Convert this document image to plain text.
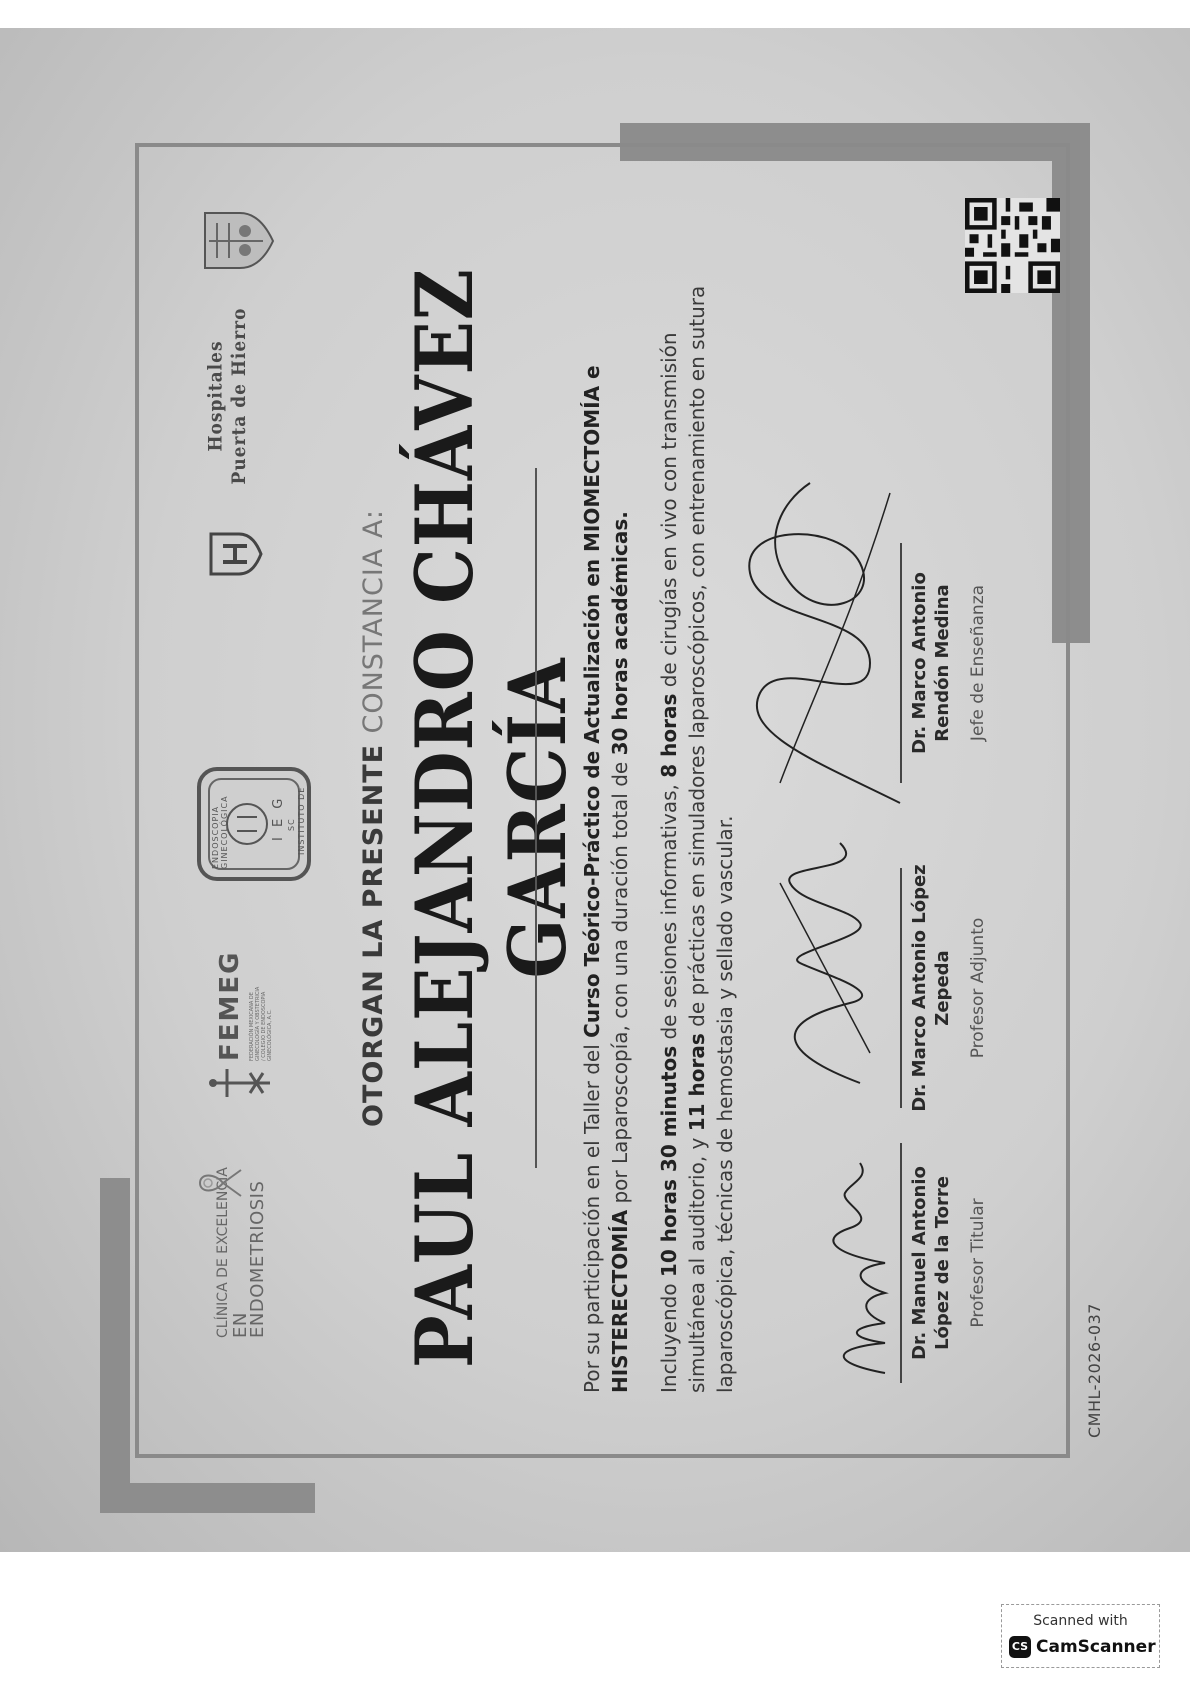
CLÍNICA DE EXCELENCIA EN ENDOMETRIOSIS
FEMEG FEDERACIÓN MEXICANA DE GINECOLOGÍA Y OBSTETRICIA / COLEGIO DE ENDOSCOPIA GINECOLÓGICA, A.C.
ENDOSCOPIA GINECOLÓGICA	I E G SC INSTITUTO DE
Hospitales Puerta de Hierro
OTORGAN LA PRESENTE CONSTANCIA A: PAUL ALEJANDRO CHÁVEZ GARCÍA
Por su participación en el Taller del Curso Teórico-Práctico de Actualización en MIOMECTOMÍA e HISTERECTOMÍA por Laparoscopía, con una duración total de 30 horas académicas.
Incluyendo 10 horas 30 minutos de sesiones informativas, 8 horas de cirugías en vivo con transmisión simultánea al auditorio, y 11 horas de prácticas en simuladores laparoscópicos, con entrenamiento en sutura laparoscópica, técnicas de hemostasia y sellado vascular.	Dr. Manuel Antonio López de la Torre Profesor Titular
Dr. Marco Antonio López Zepeda Profesor Adjunto
Dr. Marco Antonio Rendón Medina Jefe de Enseñanza
CMHL-2026-037
Scanned with
CS CamScanner
